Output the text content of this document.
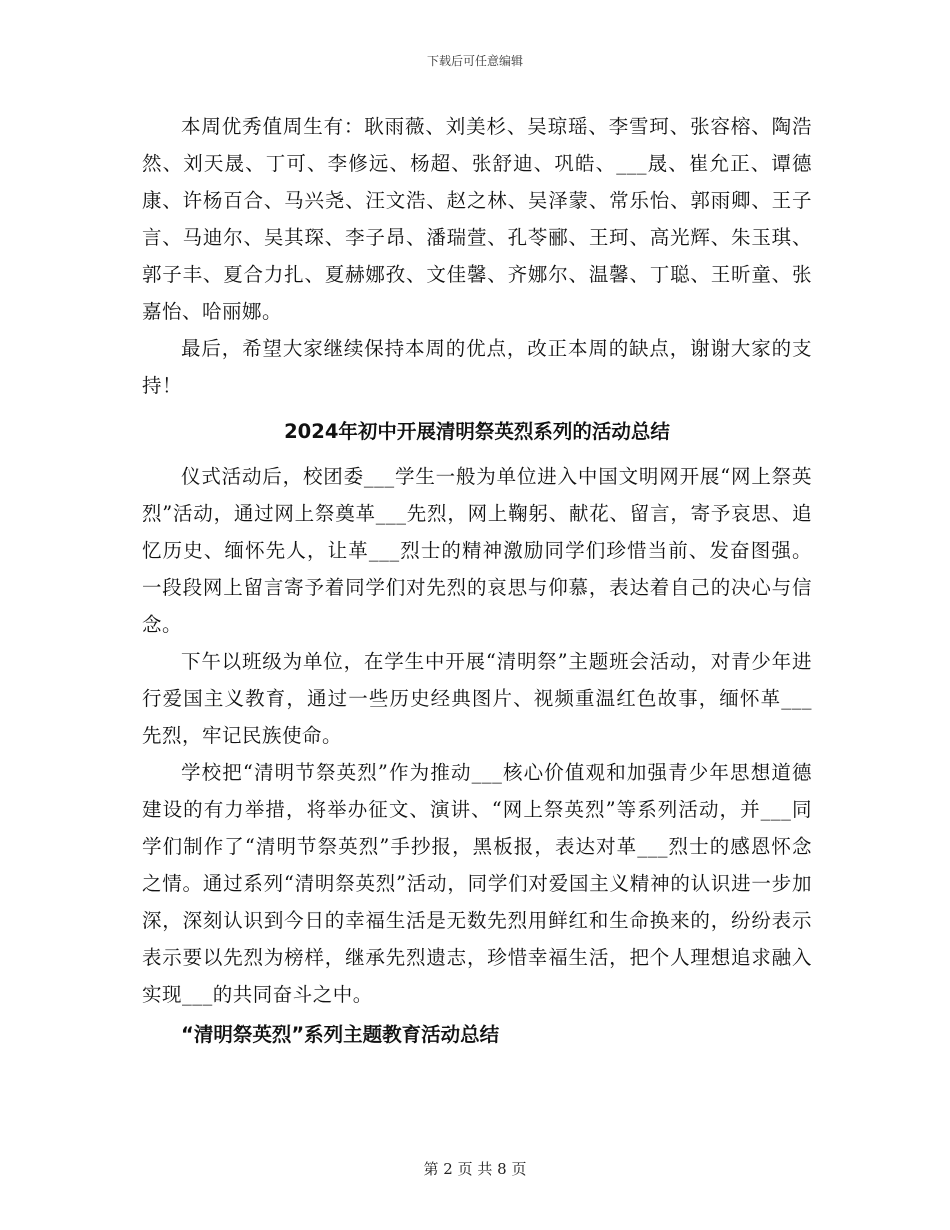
下载后可任意编辑

本周优秀值周生有：耿雨薇、刘美杉、吴琼瑶、李雪珂、张容榕、陶浩然、刘天晟、丁可、李修远、杨超、张舒迪、巩皓、___晟、崔允正、谭德康、许杨百合、马兴尧、汪文浩、赵之林、吴泽蒙、常乐怡、郭雨卿、王子言、马迪尔、吴其琛、李子昂、潘瑞萱、孔苓郦、王珂、高光辉、朱玉琪、郭子丰、夏合力扎、夏赫娜孜、文佳馨、齐娜尔、温馨、丁聪、王昕童、张嘉怡、哈丽娜。

最后，希望大家继续保持本周的优点，改正本周的缺点，谢谢大家的支持！

2024年初中开展清明祭英烈系列的活动总结

仪式活动后，校团委___学生一般为单位进入中国文明网开展“网上祭英烈”活动，通过网上祭奠革___先烈，网上鞠躬、献花、留言，寄予哀思、追忆历史、缅怀先人，让革___烈士的精神激励同学们珍惜当前、发奋图强。一段段网上留言寄予着同学们对先烈的哀思与仰慕，表达着自己的决心与信念。

下午以班级为单位，在学生中开展“清明祭”主题班会活动，对青少年进行爱国主义教育，通过一些历史经典图片、视频重温红色故事，缅怀革___先烈，牢记民族使命。

学校把“清明节祭英烈”作为推动___核心价值观和加强青少年思想道德建设的有力举措，将举办征文、演讲、“网上祭英烈”等系列活动，并___同学们制作了“清明节祭英烈”手抄报，黑板报，表达对革___烈士的感恩怀念之情。通过系列“清明祭英烈”活动，同学们对爱国主义精神的认识进一步加深，深刻认识到今日的幸福生活是无数先烈用鲜红和生命换来的，纷纷表示表示要以先烈为榜样，继承先烈遗志，珍惜幸福生活，把个人理想追求融入实现___的共同奋斗之中。

“清明祭英烈”系列主题教育活动总结
第 2 页 共 8 页
